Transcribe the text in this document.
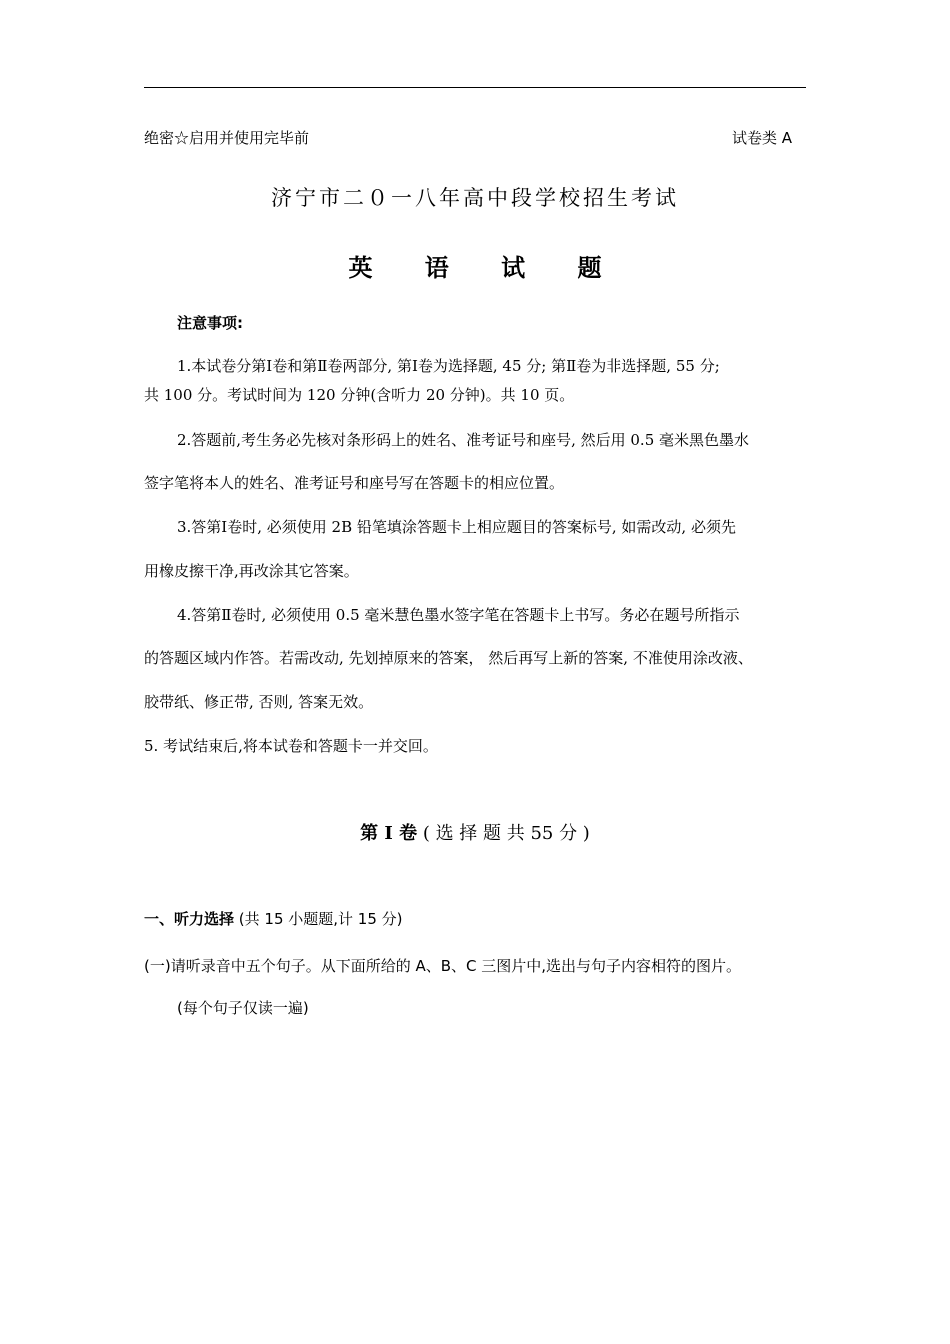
绝密☆启用并使用完毕前	试卷类 A
济宁市二０一八年高中段学校招生考试
英 语 试 题
注意事项:
1.本试卷分第Ⅰ卷和第Ⅱ卷两部分, 第Ⅰ卷为选择题, 45 分; 第Ⅱ卷为非选择题, 55 分;
共 100 分。考试时间为 120 分钟(含听力 20 分钟)。共 10 页。
2.答题前,考生务必先核对条形码上的姓名、准考证号和座号, 然后用 0.5 毫米黑色墨水
签字笔将本人的姓名、准考证号和座号写在答题卡的相应位置。
3.答第Ⅰ卷时, 必须使用 2B 铅笔填涂答题卡上相应题目的答案标号, 如需改动, 必须先
用橡皮擦干净,再改涂其它答案。
4.答第Ⅱ卷时, 必须使用 0.5 毫米慧色墨水签字笔在答题卡上书写。务必在题号所指示
的答题区域内作答。若需改动, 先划掉原来的答案， 然后再写上新的答案, 不准使用涂改液、
胶带纸、修正带, 否则, 答案无效。
5. 考试结束后,将本试卷和答题卡一并交回。
第 Ⅰ 卷 ( 选 择 题 共 55 分 )
一、听力选择 (共 15 小题题,计 15 分)
(一)请听录音中五个句子。从下面所给的 A、B、C 三图片中,选出与句子内容相符的图片。
(每个句子仅读一遍)
